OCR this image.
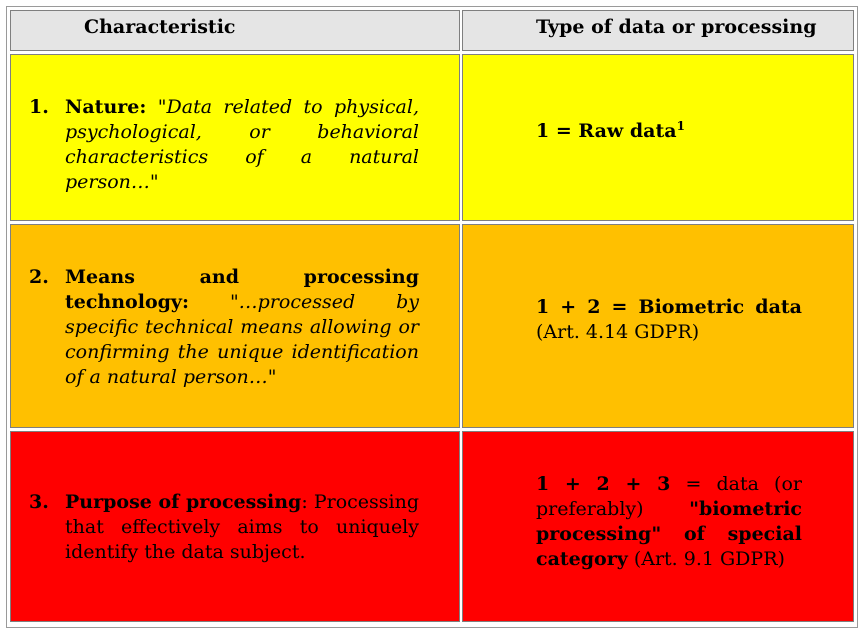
Characteristic	Type of data or processing
1. Nature: "Data related to physical, psychological, or behavioral characteristics of a natural person…"
1 = Raw data$^1$
2. Means and processing technology: "…processed by specific technical means allowing or confirming the unique identification of a natural person…"
1 + 2 = Biometric data (Art. 4.14 GDPR)
3. Purpose of processing: Processing that effectively aims to uniquely identify the data subject.
1 + 2 + 3 = data (or preferably) "biometric processing" of special category (Art. 9.1 GDPR)
